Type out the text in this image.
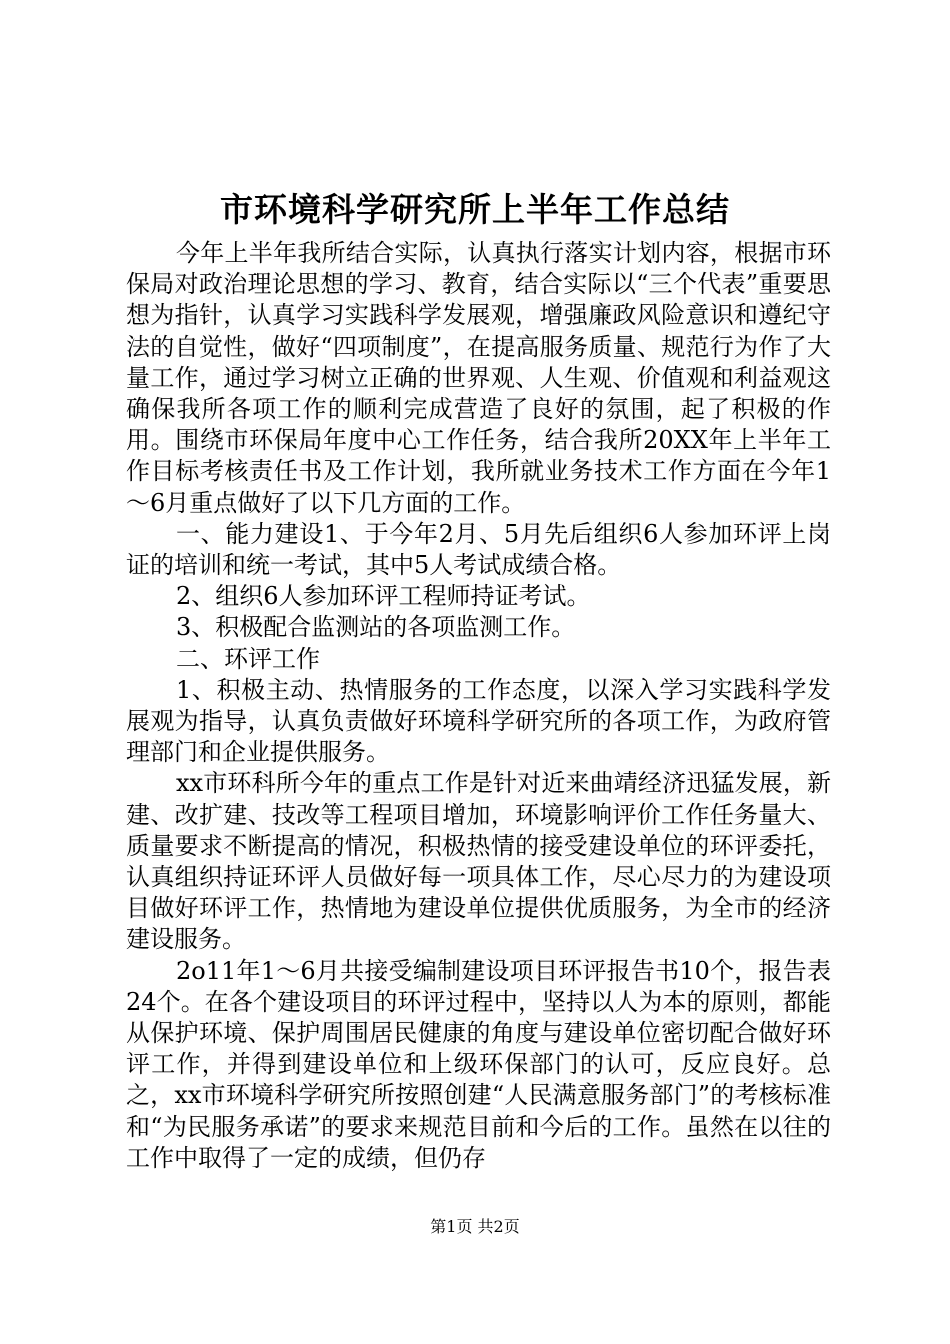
市环境科学研究所上半年工作总结

今年上半年我所结合实际，认真执行落实计划内容，根据市环保局对政治理论思想的学习、教育，结合实际以“三个代表”重要思想为指针，认真学习实践科学发展观，增强廉政风险意识和遵纪守法的自觉性，做好“四项制度”，在提高服务质量、规范行为作了大量工作，通过学习树立正确的世界观、人生观、价值观和利益观这确保我所各项工作的顺利完成营造了良好的氛围，起了积极的作用。围绕市环保局年度中心工作任务，结合我所20XX年上半年工作目标考核责任书及工作计划，我所就业务技术工作方面在今年1～6月重点做好了以下几方面的工作。

一、能力建设1、于今年2月、5月先后组织6人参加环评上岗证的培训和统一考试，其中5人考试成绩合格。

2、组织6人参加环评工程师持证考试。

3、积极配合监测站的各项监测工作。

二、环评工作

1、积极主动、热情服务的工作态度，以深入学习实践科学发展观为指导，认真负责做好环境科学研究所的各项工作，为政府管理部门和企业提供服务。

xx市环科所今年的重点工作是针对近来曲靖经济迅猛发展，新建、改扩建、技改等工程项目增加，环境影响评价工作任务量大、质量要求不断提高的情况，积极热情的接受建设单位的环评委托，认真组织持证环评人员做好每一项具体工作，尽心尽力的为建设项目做好环评工作，热情地为建设单位提供优质服务，为全市的经济建设服务。

2o11年1～6月共接受编制建设项目环评报告书10个，报告表24个。在各个建设项目的环评过程中，坚持以人为本的原则，都能从保护环境、保护周围居民健康的角度与建设单位密切配合做好环评工作，并得到建设单位和上级环保部门的认可，反应良好。总之，xx市环境科学研究所按照创建“人民满意服务部门”的考核标准和“为民服务承诺”的要求来规范目前和今后的工作。虽然在以往的工作中取得了一定的成绩，但仍存

第1页 共2页
